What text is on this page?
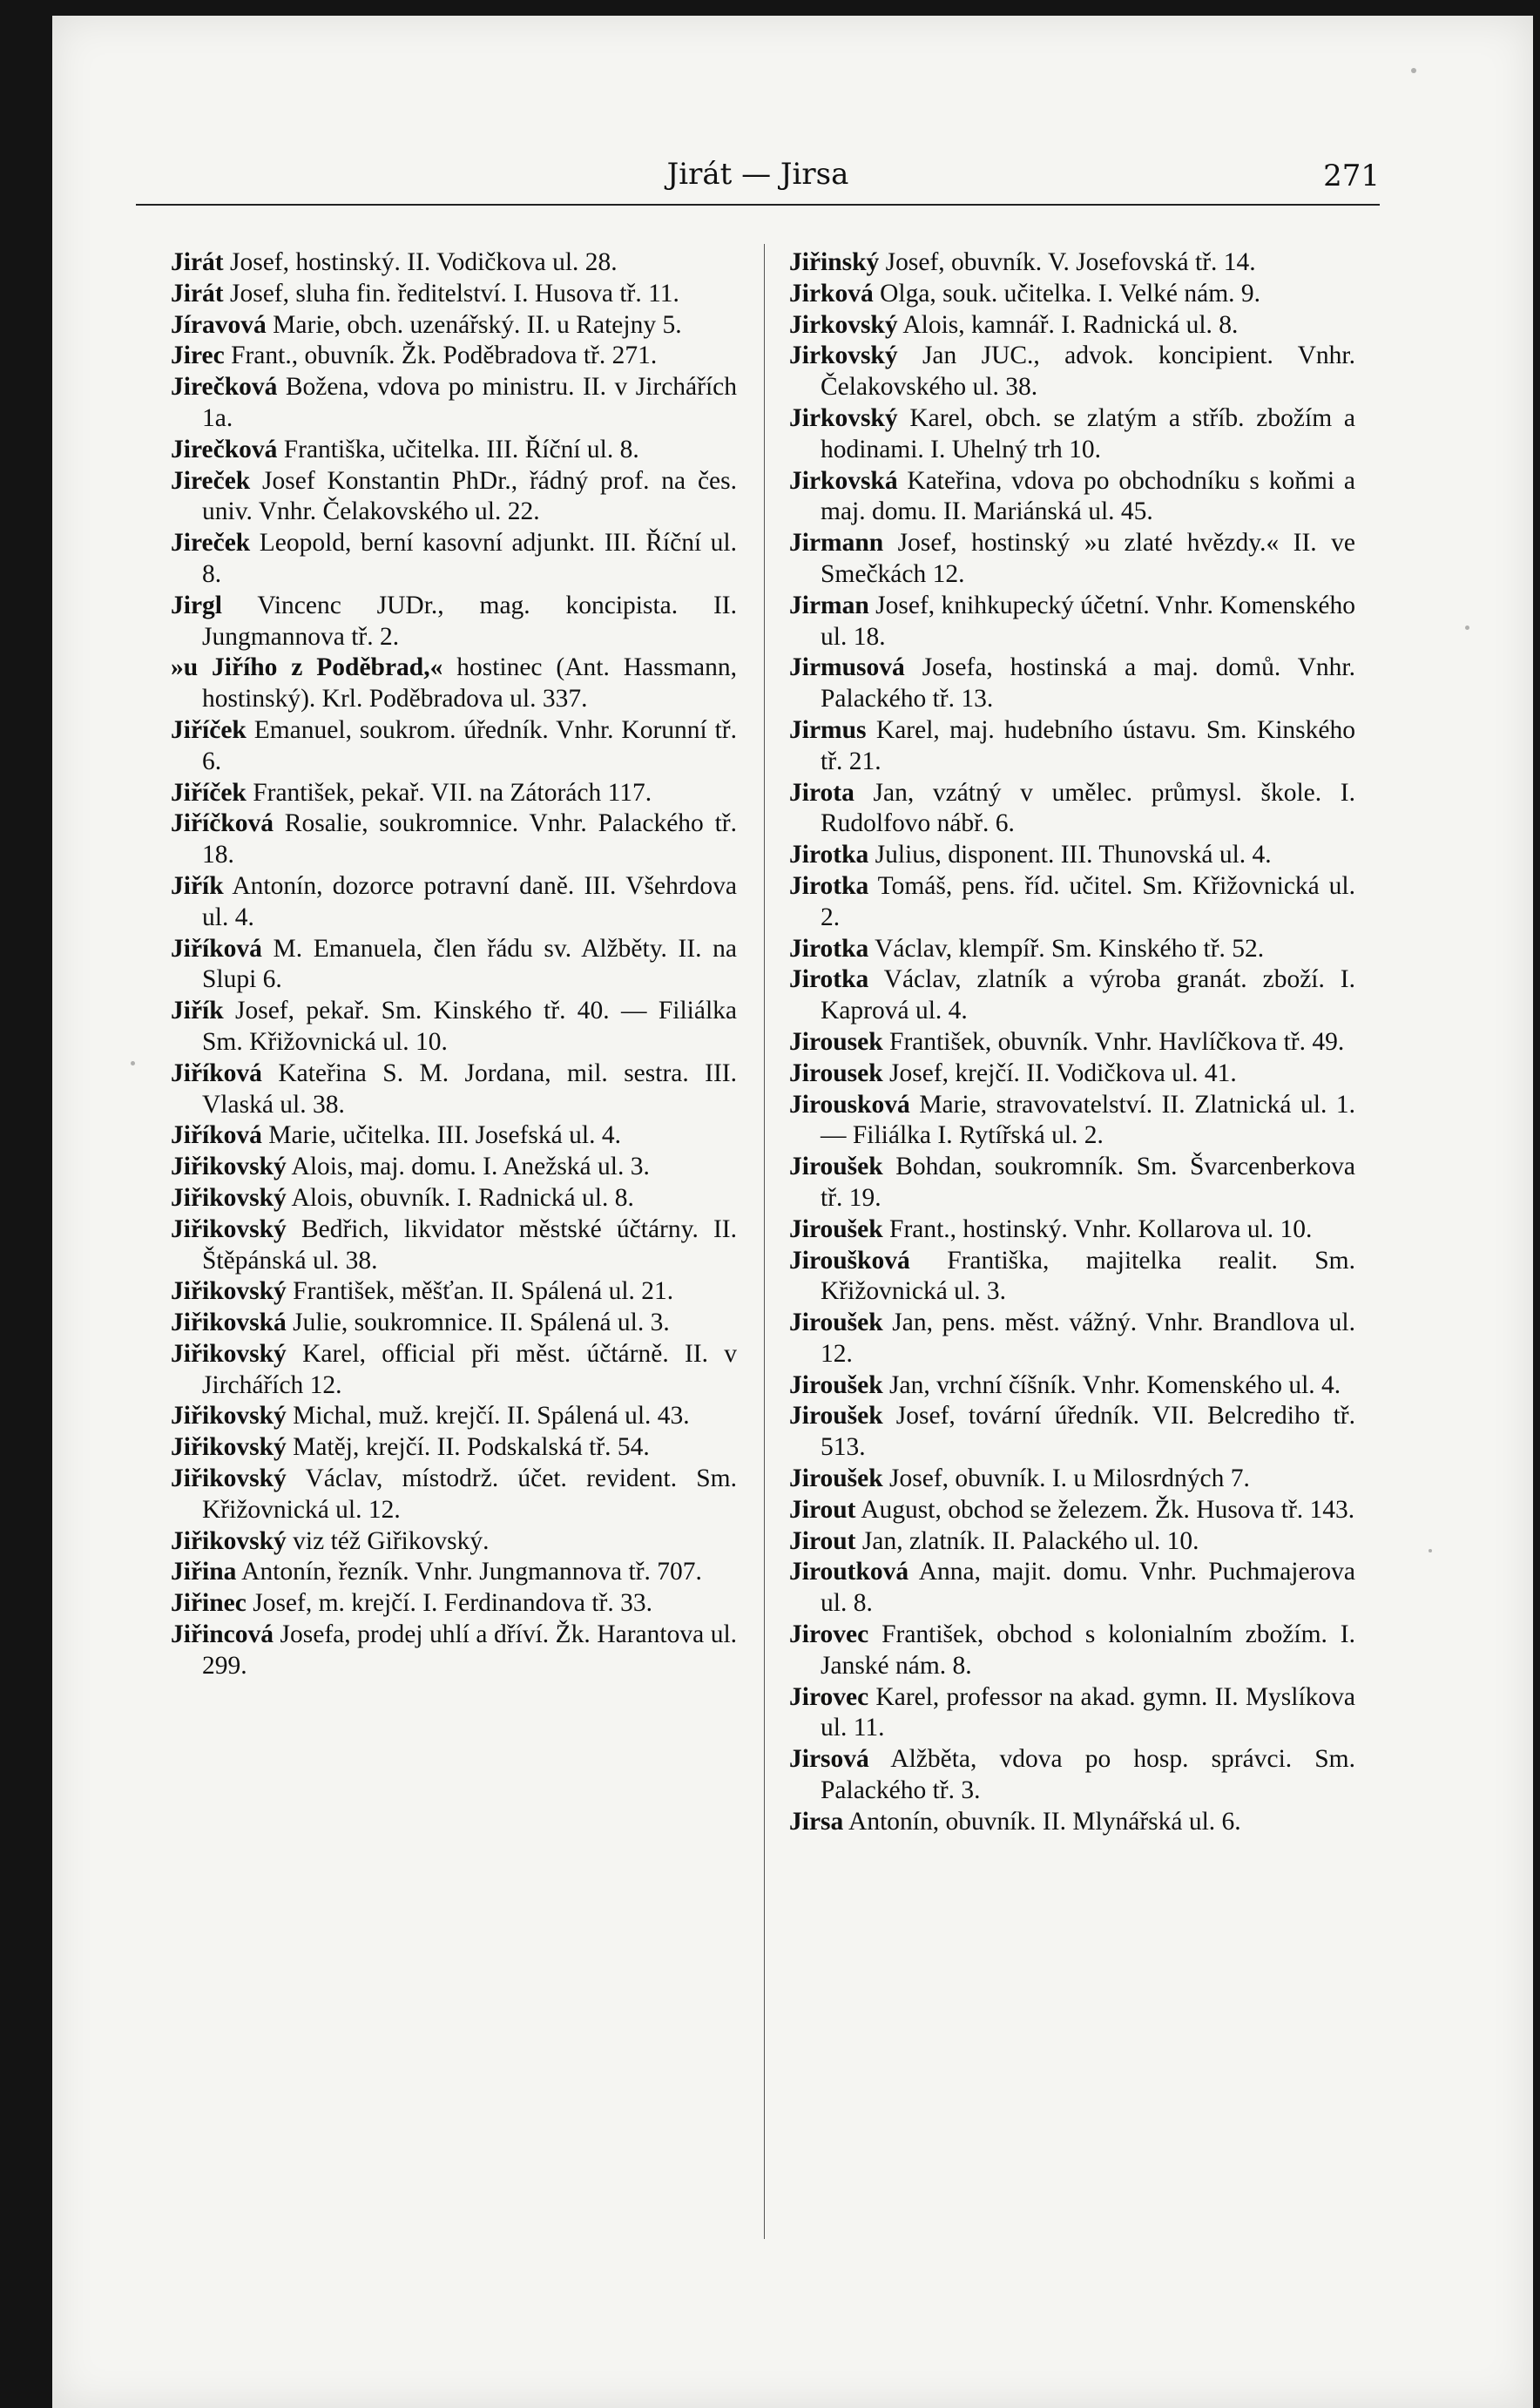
Jirát — Jirsa	271

Jirát Josef, hostinský. II. Vodičkova ul. 28.

Jirát Josef, sluha fin. ředitelství. I. Husova tř. 11.

Jíravová Marie, obch. uzenářský. II. u Ratejny 5.

Jirec Frant., obuvník. Žk. Poděbradova tř. 271.

Jirečková Božena, vdova po ministru. II. v Jirchářích 1a.

Jirečková Františka, učitelka. III. Říční ul. 8.

Jireček Josef Konstantin PhDr., řádný prof. na čes. univ. Vnhr. Čelakovského ul. 22.

Jireček Leopold, berní kasovní adjunkt. III. Říční ul. 8.

Jirgl Vincenc JUDr., mag. koncipista. II. Jungmannova tř. 2.

»u Jiřího z Poděbrad,« hostinec (Ant. Hassmann, hostinský). Krl. Poděbradova ul. 337.

Jiříček Emanuel, soukrom. úředník. Vnhr. Korunní tř. 6.

Jiříček František, pekař. VII. na Zátorách 117.

Jiříčková Rosalie, soukromnice. Vnhr. Palackého tř. 18.

Jiřík Antonín, dozorce potravní daně. III. Všehrdova ul. 4.

Jiříková M. Emanuela, člen řádu sv. Alžběty. II. na Slupi 6.

Jiřík Josef, pekař. Sm. Kinského tř. 40. — Filiálka Sm. Křižovnická ul. 10.

Jiříková Kateřina S. M. Jordana, mil. sestra. III. Vlaská ul. 38.

Jiříková Marie, učitelka. III. Josefská ul. 4.

Jiřikovský Alois, maj. domu. I. Anežská ul. 3.

Jiřikovský Alois, obuvník. I. Radnická ul. 8.

Jiřikovský Bedřich, likvidator městské účtárny. II. Štěpánská ul. 38.

Jiřikovský František, měšťan. II. Spálená ul. 21.

Jiřikovská Julie, soukromnice. II. Spálená ul. 3.

Jiřikovský Karel, official při měst. účtárně. II. v Jirchářích 12.

Jiřikovský Michal, muž. krejčí. II. Spálená ul. 43.

Jiřikovský Matěj, krejčí. II. Podskalská tř. 54.

Jiřikovský Václav, místodrž. účet. revident. Sm. Křižovnická ul. 12.

Jiřikovský viz též Giřikovský.

Jiřina Antonín, řezník. Vnhr. Jungmannova tř. 707.

Jiřinec Josef, m. krejčí. I. Ferdinandova tř. 33.

Jiřincová Josefa, prodej uhlí a dříví. Žk. Harantova ul. 299.

Jiřinský Josef, obuvník. V. Josefovská tř. 14.

Jirková Olga, souk. učitelka. I. Velké nám. 9.

Jirkovský Alois, kamnář. I. Radnická ul. 8.

Jirkovský Jan JUC., advok. koncipient. Vnhr. Čelakovského ul. 38.

Jirkovský Karel, obch. se zlatým a stříb. zbožím a hodinami. I. Uhelný trh 10.

Jirkovská Kateřina, vdova po obchodníku s koňmi a maj. domu. II. Mariánská ul. 45.

Jirmann Josef, hostinský »u zlaté hvězdy.« II. ve Smečkách 12.

Jirman Josef, knihkupecký účetní. Vnhr. Komenského ul. 18.

Jirmusová Josefa, hostinská a maj. domů. Vnhr. Palackého tř. 13.

Jirmus Karel, maj. hudebního ústavu. Sm. Kinského tř. 21.

Jirota Jan, vzátný v umělec. průmysl. škole. I. Rudolfovo nábř. 6.

Jirotka Julius, disponent. III. Thunovská ul. 4.

Jirotka Tomáš, pens. říd. učitel. Sm. Křižovnická ul. 2.

Jirotka Václav, klempíř. Sm. Kinského tř. 52.

Jirotka Václav, zlatník a výroba granát. zboží. I. Kaprová ul. 4.

Jirousek František, obuvník. Vnhr. Havlíčkova tř. 49.

Jirousek Josef, krejčí. II. Vodičkova ul. 41.

Jirousková Marie, stravovatelství. II. Zlatnická ul. 1. — Filiálka I. Rytířská ul. 2.

Jiroušek Bohdan, soukromník. Sm. Švarcenberkova tř. 19.

Jiroušek Frant., hostinský. Vnhr. Kollarova ul. 10.

Jiroušková Františka, majitelka realit. Sm. Křižovnická ul. 3.

Jiroušek Jan, pens. měst. vážný. Vnhr. Brandlova ul. 12.

Jiroušek Jan, vrchní číšník. Vnhr. Komenského ul. 4.

Jiroušek Josef, tovární úředník. VII. Belcrediho tř. 513.

Jiroušek Josef, obuvník. I. u Milosrdných 7.

Jirout August, obchod se železem. Žk. Husova tř. 143.

Jirout Jan, zlatník. II. Palackého ul. 10.

Jiroutková Anna, majit. domu. Vnhr. Puchmajerova ul. 8.

Jirovec František, obchod s kolonialním zbožím. I. Janské nám. 8.

Jirovec Karel, professor na akad. gymn. II. Myslíkova ul. 11.

Jirsová Alžběta, vdova po hosp. správci. Sm. Palackého tř. 3.

Jirsa Antonín, obuvník. II. Mlynářská ul. 6.
